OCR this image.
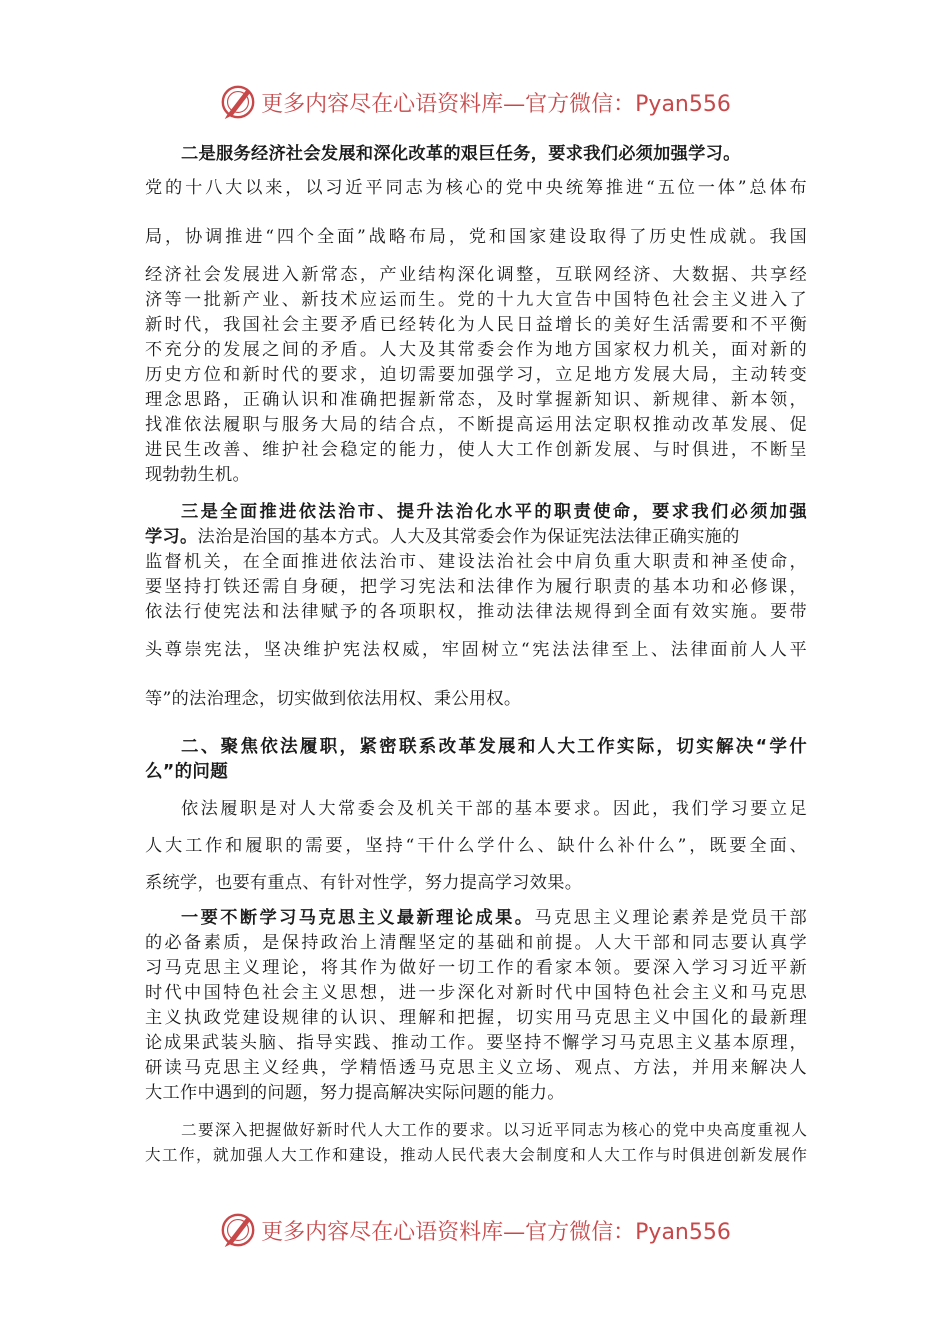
更多内容尽在心语资料库—官方微信：Pyan556
二是服务经济社会发展和深化改革的艰巨任务，要求我们必须加强学习。
党的十八大以来，以习近平同志为核心的党中央统筹推进“五位一体”总体布
局，协调推进“四个全面”战略布局，党和国家建设取得了历史性成就。我国
经济社会发展进入新常态，产业结构深化调整，互联网经济、大数据、共享经
济等一批新产业、新技术应运而生。党的十九大宣告中国特色社会主义进入了
新时代，我国社会主要矛盾已经转化为人民日益增长的美好生活需要和不平衡
不充分的发展之间的矛盾。人大及其常委会作为地方国家权力机关，面对新的
历史方位和新时代的要求，迫切需要加强学习，立足地方发展大局，主动转变
理念思路，正确认识和准确把握新常态，及时掌握新知识、新规律、新本领，
找准依法履职与服务大局的结合点，不断提高运用法定职权推动改革发展、促
进民生改善、维护社会稳定的能力，使人大工作创新发展、与时俱进，不断呈
现勃勃生机。
三是全面推进依法治市、提升法治化水平的职责使命，要求我们必须加强
学习。法治是治国的基本方式。人大及其常委会作为保证宪法法律正确实施的
监督机关，在全面推进依法治市、建设法治社会中肩负重大职责和神圣使命，
要坚持打铁还需自身硬，把学习宪法和法律作为履行职责的基本功和必修课，
依法行使宪法和法律赋予的各项职权，推动法律法规得到全面有效实施。要带
头尊崇宪法，坚决维护宪法权威，牢固树立“宪法法律至上、法律面前人人平
等”的法治理念，切实做到依法用权、秉公用权。
二、聚焦依法履职，紧密联系改革发展和人大工作实际，切实解决“学什
么”的问题
依法履职是对人大常委会及机关干部的基本要求。因此，我们学习要立足
人大工作和履职的需要，坚持“干什么学什么、缺什么补什么”，既要全面、
系统学，也要有重点、有针对性学，努力提高学习效果。
一要不断学习马克思主义最新理论成果。马克思主义理论素养是党员干部
的必备素质，是保持政治上清醒坚定的基础和前提。人大干部和同志要认真学
习马克思主义理论，将其作为做好一切工作的看家本领。要深入学习习近平新
时代中国特色社会主义思想，进一步深化对新时代中国特色社会主义和马克思
主义执政党建设规律的认识、理解和把握，切实用马克思主义中国化的最新理
论成果武装头脑、指导实践、推动工作。要坚持不懈学习马克思主义基本原理，
研读马克思主义经典，学精悟透马克思主义立场、观点、方法，并用来解决人
大工作中遇到的问题，努力提高解决实际问题的能力。
二要深入把握做好新时代人大工作的要求。以习近平同志为核心的党中央高度重视人
大工作，就加强人大工作和建设，推动人民代表大会制度和人大工作与时俱进创新发展作
更多内容尽在心语资料库—官方微信：Pyan556
